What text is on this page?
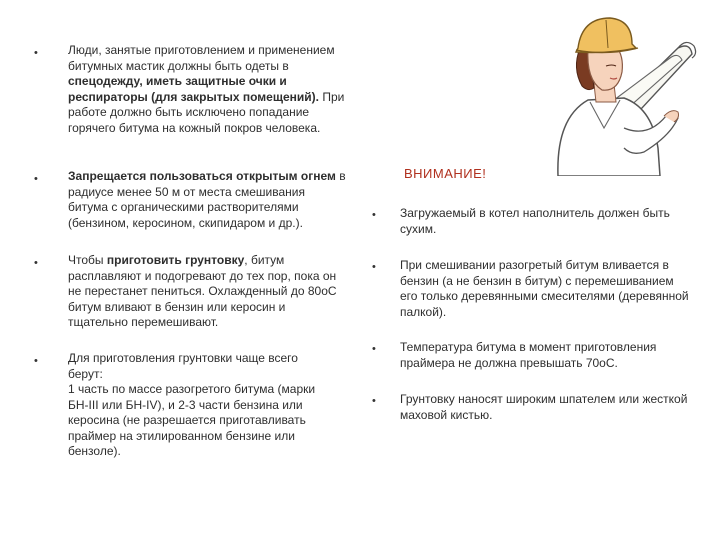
•	Люди, занятые приготовлением и применением битумных мастик должны быть одеты в спецодежду, иметь защитные очки и респираторы (для закрытых помещений). При работе должно быть исключено попадание горячего битума на кожный покров человека.
•	Запрещается пользоваться открытым огнем в радиусе менее 50 м от места смешивания битума с органическими растворителями (бензином, керосином, скипидаром и др.).
•	Чтобы приготовить грунтовку, битум расплавляют и подогревают до тех пор, пока он не перестанет пениться. Охлажденный до 80оС битум вливают в бензин или керосин и тщательно перемешивают.
•	Для приготовления грунтовки чаще всего берут:
1 часть по массе разогретого битума (марки БН-III или БН-IV), и 2-3 части бензина или керосина (не разрешается приготавливать праймер на этилированном бензине или бензоле).
ВНИМАНИЕ!
• Загружаемый в котел наполнитель должен быть сухим.
• При смешивании разогретый битум вливается в бензин (а не бензин в битум) с перемешиванием его только деревянными смесителями (деревянной палкой).
• Температура битума в момент приготовления праймера не должна превышать 70оС.
• Грунтовку наносят широким шпателем или жесткой маховой кистью.
